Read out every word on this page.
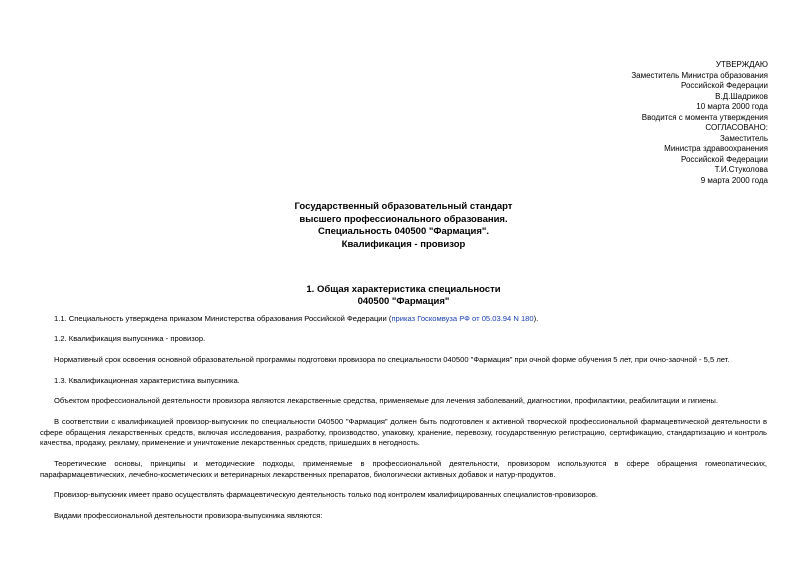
УТВЕРЖДАЮ
Заместитель Министра образования
Российской Федерации
В.Д.Шадриков
10 марта 2000 года
Вводится с момента утверждения
СОГЛАСОВАНО:
Заместитель
Министра здравоохранения
Российской Федерации
Т.И.Стуколова
9 марта 2000 года
Государственный образовательный стандарт
высшего профессионального образования.
Специальность 040500 "Фармация".
Квалификация - провизор
1. Общая характеристика специальности
040500 "Фармация"
1.1. Специальность утверждена приказом Министерства образования Российской Федерации (приказ Госкомвуза РФ от 05.03.94 N 180).
1.2. Квалификация выпускника - провизор.
Нормативный срок освоения основной образовательной программы подготовки провизора по специальности 040500 "Фармация" при очной форме обучения 5 лет, при очно-заочной - 5,5 лет.
1.3. Квалификационная характеристика выпускника.
Объектом профессиональной деятельности провизора являются лекарственные средства, применяемые для лечения заболеваний, диагностики, профилактики, реабилитации и гигиены.
В соответствии с квалификацией провизор-выпускник по специальности 040500 "Фармация" должен быть подготовлен к активной творческой профессиональной фармацевтической деятельности в сфере обращения лекарственных средств, включая исследования, разработку, производство, упаковку, хранение, перевозку, государственную регистрацию, сертификацию, стандартизацию и контроль качества, продажу, рекламу, применение и уничтожение лекарственных средств, пришедших в негодность.
Теоретические основы, принципы и методические подходы, применяемые в профессиональной деятельности, провизором используются в сфере обращения гомеопатических, парафармацевтических, лечебно-косметических и ветеринарных лекарственных препаратов, биологически активных добавок и натур-продуктов.
Провизор-выпускник имеет право осуществлять фармацевтическую деятельность только под контролем квалифицированных специалистов-провизоров.
Видами профессиональной деятельности провизора-выпускника являются:
